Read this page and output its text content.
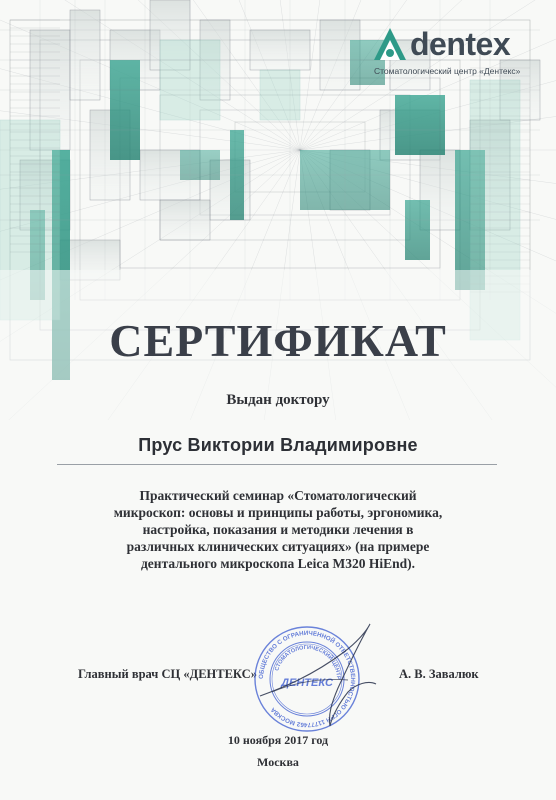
dentex
Стоматологический центр «Дентекс»
СЕРТИФИКАТ
Выдан доктору
Прус Виктории Владимировне
Практический семинар «Стоматологический
микроскоп: основы и принципы работы, эргономика,
настройка, показания и методики лечения в
различных клинических ситуациях» (на примере
дентального микроскопа Leica M320 HiEnd).
Главный врач СЦ «ДЕНТЕКС»	А. В. Завалюк
ОБЩЕСТВО С ОГРАНИЧЕННОЙ ОТВЕТСТВЕННОСТЬЮ ОГРН 11777462 МОСКВА
СТОМАТОЛОГИЧЕСКИЙ ЦЕНТР
ДЕНТЕКС
10 ноября 2017 год
Москва
